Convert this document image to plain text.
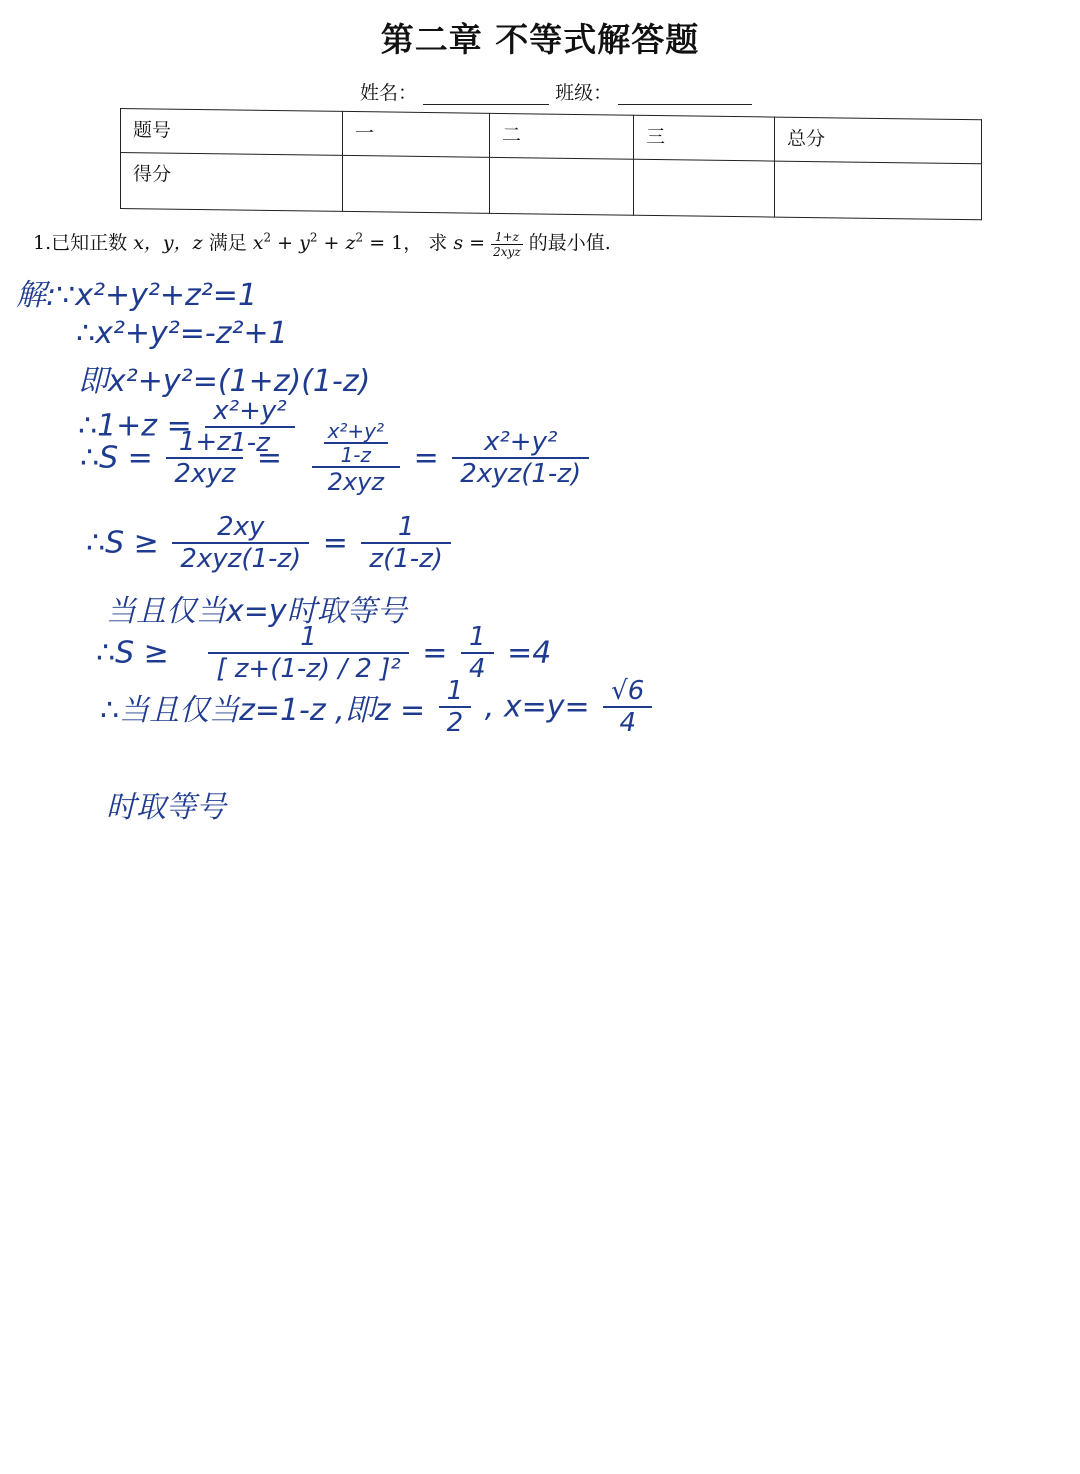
第二章 不等式解答题
姓名：	班级：
题号	一	二	三	总分
得分				
1.已知正数 x，y，z 满足 $x^2 + y^2 + z^2 = 1$， 求 $s = \frac{1+z}{\text{2xyz}}$ 的最小值.
解:∵x²+y²+z²=1
∴x²+y²=-z²+1
即x²+y²=(1+z)(1-z)
∴1+z = $\frac{\text{x²+y²}}{1-z}$
∴S =	1+z
$2xyz = \frac{\text{x²+y²}}{1-z}$
2xyz
=	x²+y²
2xyz(1-z)
∴S ≥	2xy
$2xyz(1-z) = \frac{1}{z(1-z)}$
当且仅当x=y时取等号
∴S ≥ $\frac{1}{\text{[ z+(1-z) / 2 ]²}} = \frac{1}{4} =4$
∴当且仅当z=1-z ,即$z = \frac{1}{2}$ , $x=y= \frac{√6}{4}$
时取等号
